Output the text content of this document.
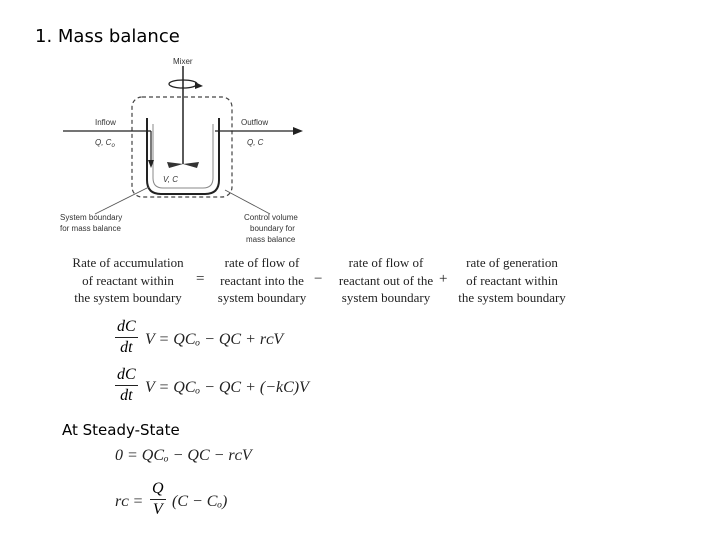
1. Mass balance
Mixer
Inflow
Q, $C_o$
Outflow
Q, C
V, C
System boundary
for mass balance
Control volume
boundary for
mass balance
Rate of accumulation
of reactant within
the system boundary
=
rate of flow of
reactant into the
system boundary
−
rate of flow of
reactant out of the
system boundary
+
rate of generation
of reactant within
the system boundary
dC
dt V = QCₒ − QC + rᴄV
dC
dt V = QCₒ − QC + (−kC)V
At Steady-State
0 = QCₒ − QC − rᴄV
rᴄ =
Q
V (C − Cₒ)
